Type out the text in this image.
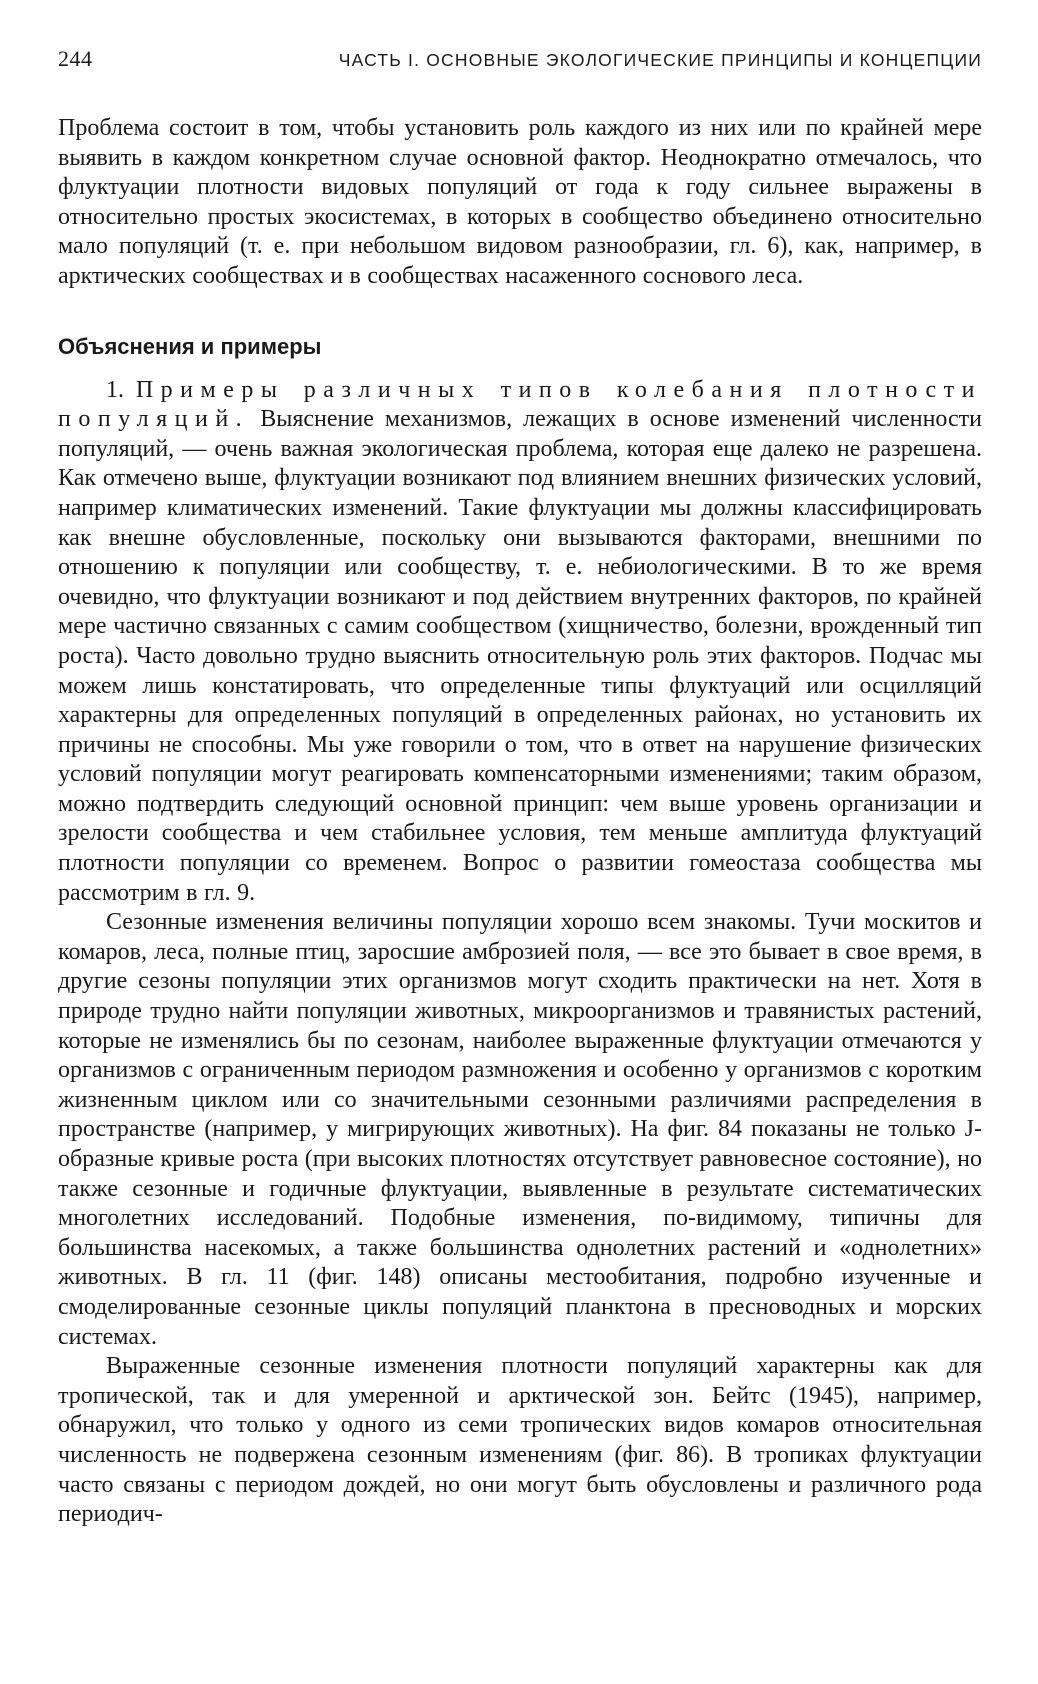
244	ЧАСТЬ I. ОСНОВНЫЕ ЭКОЛОГИЧЕСКИЕ ПРИНЦИПЫ И КОНЦЕПЦИИ

Проблема состоит в том, чтобы установить роль каждого из них или по крайней мере выявить в каждом конкретном случае основной фактор. Неоднократно отмечалось, что флуктуации плотности видовых популяций от года к году сильнее выражены в относительно простых экосистемах, в которых в сообщество объединено относительно мало популяций (т. е. при небольшом видовом разнообразии, гл. 6), как, например, в арктических сообществах и в сообществах насаженного соснового леса.

Объяснения и примеры

1. Примеры различных типов колебания плотности популяций. Выяснение механизмов, лежащих в основе изменений численности популяций, — очень важная экологическая проблема, которая еще далеко не разрешена. Как отмечено выше, флуктуации возникают под влиянием внешних физических условий, например климатических изменений. Такие флуктуации мы должны классифицировать как внешне обусловленные, поскольку они вызываются факторами, внешними по отношению к популяции или сообществу, т. е. небиологическими. В то же время очевидно, что флуктуации возникают и под действием внутренних факторов, по крайней мере частично связанных с самим сообществом (хищничество, болезни, врожденный тип роста). Часто довольно трудно выяснить относительную роль этих факторов. Подчас мы можем лишь констатировать, что определенные типы флуктуаций или осцилляций характерны для определенных популяций в определенных районах, но установить их причины не способны. Мы уже говорили о том, что в ответ на нарушение физических условий популяции могут реагировать компенсаторными изменениями; таким образом, можно подтвердить следующий основной принцип: чем выше уровень организации и зрелости сообщества и чем стабильнее условия, тем меньше амплитуда флуктуаций плотности популяции со временем. Вопрос о развитии гомеостаза сообщества мы рассмотрим в гл. 9.

Сезонные изменения величины популяции хорошо всем знакомы. Тучи москитов и комаров, леса, полные птиц, заросшие амброзией поля, — все это бывает в свое время, в другие сезоны популяции этих организмов могут сходить практически на нет. Хотя в природе трудно найти популяции животных, микроорганизмов и травянистых растений, которые не изменялись бы по сезонам, наиболее выраженные флуктуации отмечаются у организмов с ограниченным периодом размножения и особенно у организмов с коротким жизненным циклом или со значительными сезонными различиями распределения в пространстве (например, у мигрирующих животных). На фиг. 84 показаны не только J-образные кривые роста (при высоких плотностях отсутствует равновесное состояние), но также сезонные и годичные флуктуации, выявленные в результате систематических многолетних исследований. Подобные изменения, по-видимому, типичны для большинства насекомых, а также большинства однолетних растений и «однолетних» животных. В гл. 11 (фиг. 148) описаны местообитания, подробно изученные и смоделированные сезонные циклы популяций планктона в пресноводных и морских системах.

Выраженные сезонные изменения плотности популяций характерны как для тропической, так и для умеренной и арктической зон. Бейтс (1945), например, обнаружил, что только у одного из семи тропических видов комаров относительная численность не подвержена сезонным изменениям (фиг. 86). В тропиках флуктуации часто связаны с периодом дождей, но они могут быть обусловлены и различного рода периодич-
